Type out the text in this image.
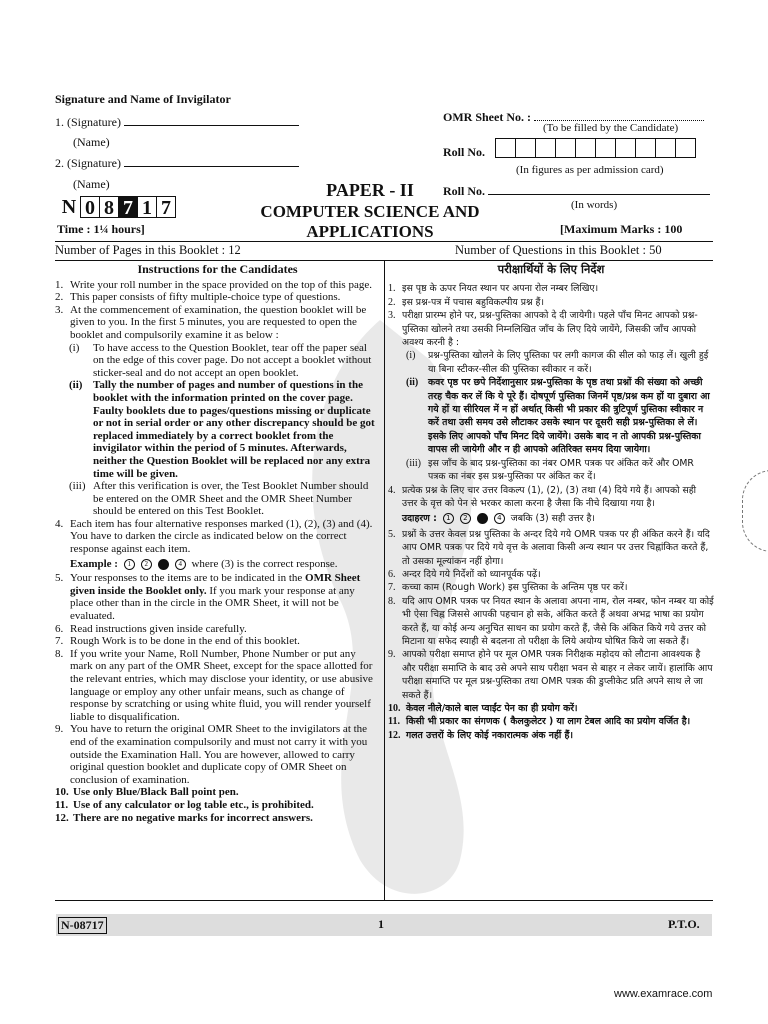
Signature and Name of Invigilator
1. (Signature)
(Name)
2. (Signature)
(Name)
OMR Sheet No. :
(To be filled by the Candidate)
Roll No.
(In figures as per admission card)
Roll No.
(In words)
N 0 8 7 1 7
PAPER - II
COMPUTER SCIENCE AND
APPLICATIONS
Time : 1¼ hours]	[Maximum Marks : 100
Number of Pages in this Booklet : 12	Number of Questions in this Booklet : 50
Instructions for the Candidates
1. Write your roll number in the space provided on the top of this page.
2. This paper consists of fifty multiple-choice type of questions.
3. At the commencement of examination, the question booklet will be given to you. In the first 5 minutes, you are requested to open the booklet and compulsorily examine it as below :
(i)	To have access to the Question Booklet, tear off the paper seal on the edge of this cover page. Do not accept a booklet without sticker-seal and do not accept an open booklet.
(ii) Tally the number of pages and number of questions in the booklet with the information printed on the cover page. Faulty booklets due to pages/questions missing or duplicate or not in serial order or any other discrepancy should be got replaced immediately by a correct booklet from the invigilator within the period of 5 minutes. Afterwards, neither the Question Booklet will be replaced nor any extra time will be given.
(iii) After this verification is over, the Test Booklet Number should be entered on the OMR Sheet and the OMR Sheet Number should be entered on this Test Booklet.
4. Each item has four alternative responses marked (1), (2), (3) and (4). You have to darken the circle as indicated below on the correct response against each item.
Example : 1 2	4 where (3) is the correct response.
5. Your responses to the items are to be indicated in the OMR Sheet given inside the Booklet only. If you mark your response at any place other than in the circle in the OMR Sheet, it will not be evaluated.
6. Read instructions given inside carefully.
7. Rough Work is to be done in the end of this booklet.
8. If you write your Name, Roll Number, Phone Number or put any mark on any part of the OMR Sheet, except for the space allotted for the relevant entries, which may disclose your identity, or use abusive language or employ any other unfair means, such as change of response by scratching or using white fluid, you will render yourself liable to disqualification.
9. You have to return the original OMR Sheet to the invigilators at the end of the examination compulsorily and must not carry it with you outside the Examination Hall. You are however, allowed to carry original question booklet and duplicate copy of OMR Sheet on conclusion of examination.
10. Use only Blue/Black Ball point pen.
11. Use of any calculator or log table etc., is prohibited.
12. There are no negative marks for incorrect answers.
परीक्षार्थियों के लिए निर्देश
1. इस पृष्ठ के ऊपर नियत स्थान पर अपना रोल नम्बर लिखिए।
2. इस प्रश्न-पत्र में पचास बहुविकल्पीय प्रश्न हैं।
3. परीक्षा प्रारम्भ होने पर, प्रश्न-पुस्तिका आपको दे दी जायेगी। पहले पाँच मिनट आपको प्रश्न-पुस्तिका खोलने तथा उसकी निम्नलिखित जाँच के लिए दिये जायेंगे, जिसकी जाँच आपको अवश्य करनी है :
(i)	प्रश्न-पुस्तिका खोलने के लिए पुस्तिका पर लगी कागज की सील को फाड़ लें। खुली हुई या बिना स्टीकर-सील की पुस्तिका स्वीकार न करें।
(ii)	कवर पृष्ठ पर छपे निर्देशानुसार प्रश्न-पुस्तिका के पृष्ठ तथा प्रश्नों की संख्या को अच्छी तरह चैक कर लें कि ये पूरे हैं। दोषपूर्ण पुस्तिका जिनमें पृष्ठ/प्रश्न कम हों या दुबारा आ गये हों या सीरियल में न हों अर्थात् किसी भी प्रकार की त्रुटिपूर्ण पुस्तिका स्वीकार न करें तथा उसी समय उसे लौटाकर उसके स्थान पर दूसरी सही प्रश्न-पुस्तिका ले लें। इसके लिए आपको पाँच मिनट दिये जायेंगे। उसके बाद न तो आपकी प्रश्न-पुस्तिका वापस ली जायेगी और न ही आपको अतिरिक्त समय दिया जायेगा।
(iii) इस जाँच के बाद प्रश्न-पुस्तिका का नंबर OMR पत्रक पर अंकित करें और OMR पत्रक का नंबर इस प्रश्न-पुस्तिका पर अंकित कर दें।
4. प्रत्येक प्रश्न के लिए चार उत्तर विकल्प (1), (2), (3) तथा (4) दिये गये हैं। आपको सही उत्तर के वृत्त को पेन से भरकर काला करना है जैसा कि नीचे दिखाया गया है।
उदाहरण : 1 2	4 जबकि (3) सही उत्तर है।
5. प्रश्नों के उत्तर केवल प्रश्न पुस्तिका के अन्दर दिये गये OMR पत्रक पर ही अंकित करने हैं। यदि आप OMR पत्रक पर दिये गये वृत्त के अलावा किसी अन्य स्थान पर उत्तर चिह्नांकित करते हैं, तो उसका मूल्यांकन नहीं होगा।
6. अन्दर दिये गये निर्देशों को ध्यानपूर्वक पढ़ें।
7. कच्चा काम (Rough Work) इस पुस्तिका के अन्तिम पृष्ठ पर करें।
8. यदि आप OMR पत्रक पर नियत स्थान के अलावा अपना नाम, रोल नम्बर, फोन नम्बर या कोई भी ऐसा चिह्न जिससे आपकी पहचान हो सके, अंकित करते हैं अथवा अभद्र भाषा का प्रयोग करते हैं, या कोई अन्य अनुचित साधन का प्रयोग करते हैं, जैसे कि अंकित किये गये उत्तर को मिटाना या सफेद स्याही से बदलना तो परीक्षा के लिये अयोग्य घोषित किये जा सकते हैं।
9. आपको परीक्षा समाप्त होने पर मूल OMR पत्रक निरीक्षक महोदय को लौटाना आवश्यक है और परीक्षा समाप्ति के बाद उसे अपने साथ परीक्षा भवन से बाहर न लेकर जायें। हालांकि आप परीक्षा समाप्ति पर मूल प्रश्न-पुस्तिका तथा OMR पत्रक की डुप्लीकेट प्रति अपने साथ ले जा सकते हैं।
10. केवल नीले/काले बाल प्वाईंट पेन का ही प्रयोग करें।
11. किसी भी प्रकार का संगणक ( कैलकुलेटर ) या लाग टेबल आदि का प्रयोग वर्जित है।
12. गलत उत्तरों के लिए कोई नकारात्मक अंक नहीं हैं।
N-08717	1	P.T.O.
www.examrace.com
